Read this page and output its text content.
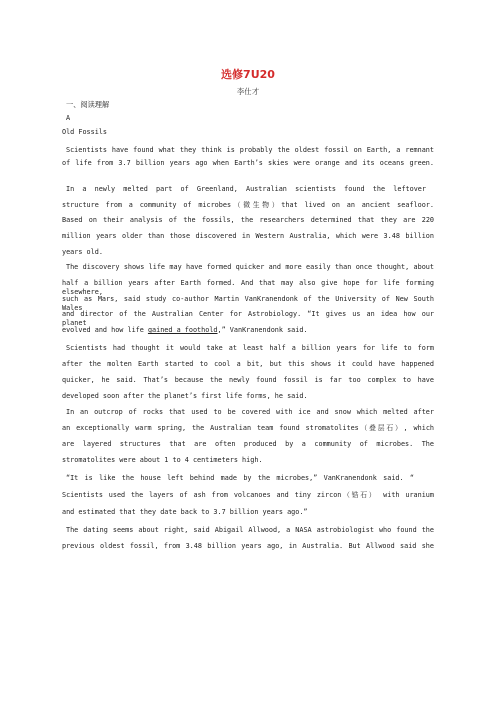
选修7U20
李仕才
一、阅读理解
A
Old Fossils
Scientists have found what they think is probably the oldest fossil on Earth, a remnant
of life from 3.7 billion years ago when Earth’s skies were orange and its oceans green.
In a newly melted part of Greenland, Australian scientists found the leftover
structure from a community of microbes（微生物）that lived on an ancient seafloor.
Based on their analysis of the fossils, the researchers determined that they are 220
million years older than those discovered in Western Australia, which were 3.48 billion
years old.
The discovery shows life may have formed quicker and more easily than once thought, about
half a billion years after Earth formed. And that may also give hope for life forming elsewhere,
such as Mars, said study co-author Martin VanKranendonk of the University of New South Wales
and director of the Australian Center for Astrobiology. “It gives us an idea how our planet
evolved and how life gained a foothold,” VanKranendonk said.
Scientists had thought it would take at least half a billion years for life to form
after the molten Earth started to cool a bit, but this shows it could have happened
quicker, he said. That’s because the newly found fossil is far too complex to have
developed soon after the planet’s first life forms, he said.
In an outcrop of rocks that used to be covered with ice and snow which melted after
an exceptionally warm spring, the Australian team found stromatolites（叠层石）, which
are layered structures that are often produced by a community of microbes. The
stromatolites were about 1 to 4 centimeters high.
“It is like the house left behind made by the microbes,” VanKranendonk said. “
Scientists used the layers of ash from volcanoes and tiny zircon（锆石） with uranium
and estimated that they date back to 3.7 billion years ago.”
The dating seems about right, said Abigail Allwood, a NASA astrobiologist who found the
previous oldest fossil, from 3.48 billion years ago, in Australia. But Allwood said she
